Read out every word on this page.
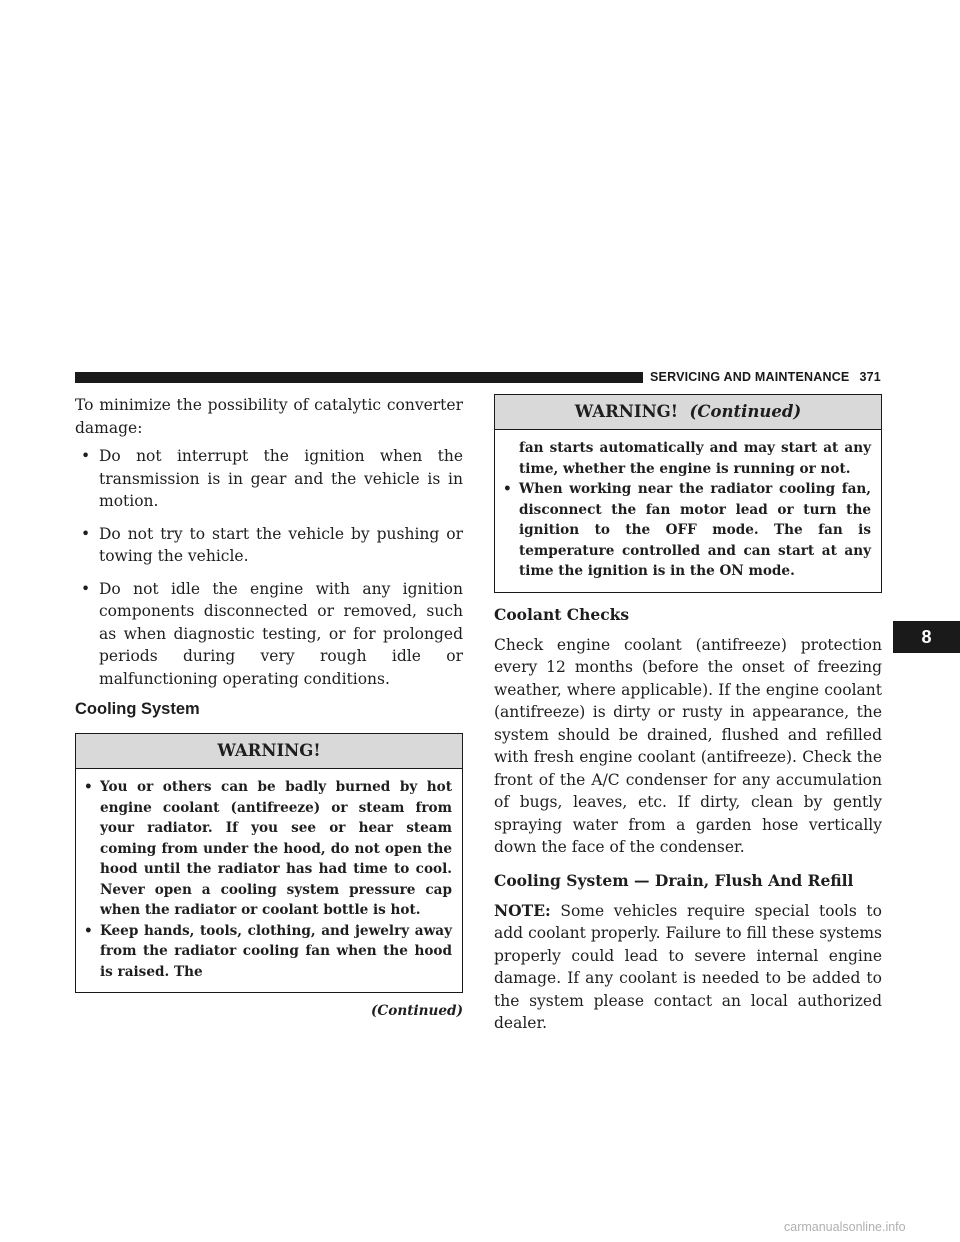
SERVICING AND MAINTENANCE 371

To minimize the possibility of catalytic converter damage:

• Do not interrupt the ignition when the transmission is in gear and the vehicle is in motion.
• Do not try to start the vehicle by pushing or towing the vehicle.
• Do not idle the engine with any ignition components disconnected or removed, such as when diagnostic testing, or for prolonged periods during very rough idle or malfunctioning operating conditions.
Cooling System
WARNING!
• You or others can be badly burned by hot engine coolant (antifreeze) or steam from your radiator. If you see or hear steam coming from under the hood, do not open the hood until the radiator has had time to cool. Never open a cooling system pressure cap when the radiator or coolant bottle is hot.
• Keep hands, tools, clothing, and jewelry away from the radiator cooling fan when the hood is raised. The
(Continued)
WARNING! (Continued)
fan starts automatically and may start at any time, whether the engine is running or not.
• When working near the radiator cooling fan, disconnect the fan motor lead or turn the ignition to the OFF mode. The fan is temperature controlled and can start at any time the ignition is in the ON mode.
Coolant Checks

Check engine coolant (antifreeze) protection every 12 months (before the onset of freezing weather, where applicable). If the engine coolant (antifreeze) is dirty or rusty in appearance, the system should be drained, flushed and refilled with fresh engine coolant (antifreeze). Check the front of the A/C condenser for any accumulation of bugs, leaves, etc. If dirty, clean by gently spraying water from a garden hose vertically down the face of the condenser.

Cooling System — Drain, Flush And Refill

NOTE: Some vehicles require special tools to add coolant properly. Failure to fill these systems properly could lead to severe internal engine damage. If any coolant is needed to be added to the system please contact an local authorized dealer.

8
carmanualsonline.info
